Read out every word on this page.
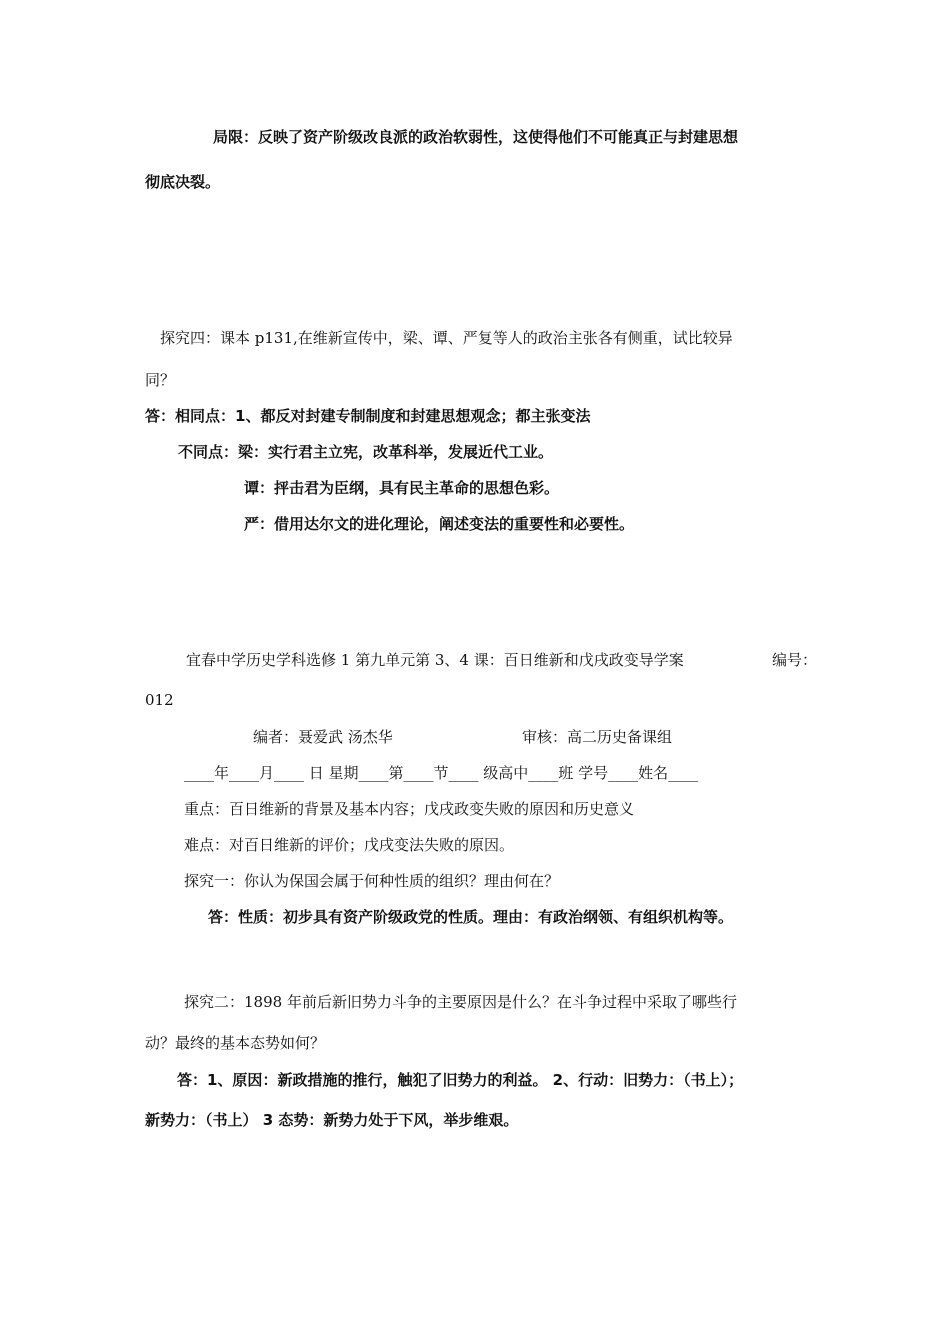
局限：反映了资产阶级改良派的政治软弱性，这使得他们不可能真正与封建思想
彻底决裂。
探究四：课本 p131,在维新宣传中，梁、谭、严复等人的政治主张各有侧重，试比较异
同？
答：相同点：1、都反对封建专制制度和封建思想观念；都主张变法
不同点：梁：实行君主立宪，改革科举，发展近代工业。
谭：抨击君为臣纲，具有民主革命的思想色彩。
严：借用达尔文的进化理论，阐述变法的重要性和必要性。
宜春中学历史学科选修 1 第九单元第 3、4 课：百日维新和戊戌政变导学案	编号：
012
编者：聂爱武 汤杰华	审核：高二历史备课组
____年____月____ 日 星期____第____节____ 级高中____班 学号____姓名____
重点：百日维新的背景及基本内容；戊戌政变失败的原因和历史意义
难点：对百日维新的评价；戊戌变法失败的原因。
探究一：你认为保国会属于何种性质的组织？理由何在？
答：性质：初步具有资产阶级政党的性质。理由：有政治纲领、有组织机构等。
探究二：1898 年前后新旧势力斗争的主要原因是什么？在斗争过程中采取了哪些行
动？最终的基本态势如何？
答：1、原因：新政措施的推行，触犯了旧势力的利益。 2、行动：旧势力：（书上）；
新势力：（书上） 3 态势：新势力处于下风，举步维艰。
